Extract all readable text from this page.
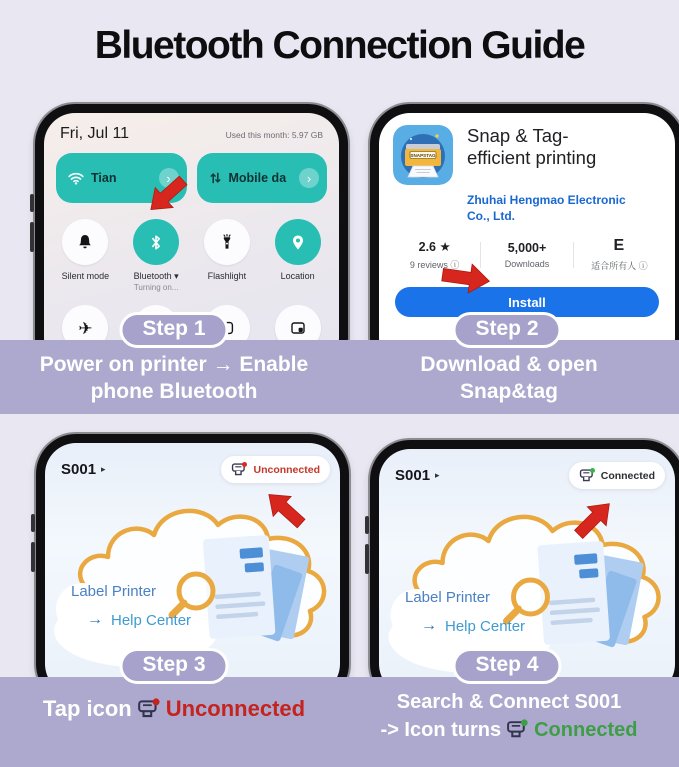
Bluetooth Connection Guide
Fri, Jul 11	Used this month: 5.97 GB
Tian	›	Mobile da	›
Silent mode	Bluetooth ▾
Turning on...
Flashlight	Location
✈
SNAPSTAG
Snap & Tag-efficient printing
Zhuhai Hengmao Electronic Co., Ltd.
2.6 ★
9 reviews ⓘ
5,000+
Downloads
E
适合所有人 ⓘ
Install
S001 ▸	Unconnected
Label Printer
→ Help Center
S001 ▸	Connected
Label Printer
→ Help Center
Step 1	Step 2
Step 3	Step 4
Power on printer → Enable
phone Bluetooth
Download & open
Snap&tag
Tap icon Unconnected	Search & Connect S001
-> Icon turns Connected
